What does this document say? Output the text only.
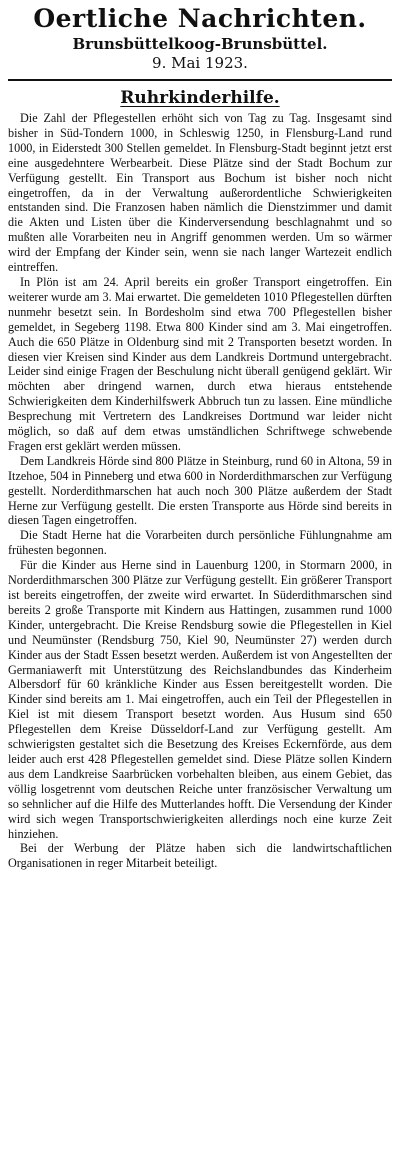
Oertliche Nachrichten.
Brunsbüttelkoog-Brunsbüttel.
9. Mai 1923.
Ruhrkinderhilfe.

Die Zahl der Pflegestellen erhöht sich von Tag zu Tag. Insgesamt sind bisher in Süd-Tondern 1000, in Schleswig 1250, in Flensburg-Land rund 1000, in Eiderstedt 300 Stellen gemeldet. In Flensburg-Stadt beginnt jetzt erst eine ausgedehntere Werbearbeit. Diese Plätze sind der Stadt Bochum zur Verfügung gestellt. Ein Transport aus Bochum ist bisher noch nicht eingetroffen, da in der Verwaltung außerordentliche Schwierigkeiten entstanden sind. Die Franzosen haben nämlich die Dienstzimmer und damit die Akten und Listen über die Kinderversendung beschlagnahmt und so mußten alle Vorarbeiten neu in Angriff genommen werden. Um so wärmer wird der Empfang der Kinder sein, wenn sie nach langer Wartezeit endlich eintreffen.

In Plön ist am 24. April bereits ein großer Transport eingetroffen. Ein weiterer wurde am 3. Mai erwartet. Die gemeldeten 1010 Pflegestellen dürften nunmehr besetzt sein. In Bordesholm sind etwa 700 Pflegestellen bisher gemeldet, in Segeberg 1198. Etwa 800 Kinder sind am 3. Mai eingetroffen. Auch die 650 Plätze in Oldenburg sind mit 2 Transporten besetzt worden. In diesen vier Kreisen sind Kinder aus dem Landkreis Dortmund untergebracht. Leider sind einige Fragen der Beschulung nicht überall genügend geklärt. Wir möchten aber dringend warnen, durch etwa hieraus entstehende Schwierigkeiten dem Kinderhilfswerk Abbruch tun zu lassen. Eine mündliche Besprechung mit Vertretern des Landkreises Dortmund war leider nicht möglich, so daß auf dem etwas umständlichen Schriftwege schwebende Fragen erst geklärt werden müssen.

Dem Landkreis Hörde sind 800 Plätze in Steinburg, rund 60 in Altona, 59 in Itzehoe, 504 in Pinneberg und etwa 600 in Norderdithmarschen zur Verfügung gestellt. Norderdithmarschen hat auch noch 300 Plätze außerdem der Stadt Herne zur Verfügung gestellt. Die ersten Transporte aus Hörde sind bereits in diesen Tagen eingetroffen.

Die Stadt Herne hat die Vorarbeiten durch persönliche Fühlungnahme am frühesten begonnen.

Für die Kinder aus Herne sind in Lauenburg 1200, in Stormarn 2000, in Norderdithmarschen 300 Plätze zur Verfügung gestellt. Ein größerer Transport ist bereits eingetroffen, der zweite wird erwartet. In Süderdithmarschen sind bereits 2 große Transporte mit Kindern aus Hattingen, zusammen rund 1000 Kinder, untergebracht. Die Kreise Rendsburg sowie die Pflegestellen in Kiel und Neumünster (Rendsburg 750, Kiel 90, Neumünster 27) werden durch Kinder aus der Stadt Essen besetzt werden. Außerdem ist von Angestellten der Germaniawerft mit Unterstützung des Reichslandbundes das Kinderheim Albersdorf für 60 kränkliche Kinder aus Essen bereitgestellt worden. Die Kinder sind bereits am 1. Mai eingetroffen, auch ein Teil der Pflegestellen in Kiel ist mit diesem Transport besetzt worden. Aus Husum sind 650 Pflegestellen dem Kreise Düsseldorf-Land zur Verfügung gestellt. Am schwierigsten gestaltet sich die Besetzung des Kreises Eckernförde, aus dem leider auch erst 428 Pflegestellen gemeldet sind. Diese Plätze sollen Kindern aus dem Landkreise Saarbrücken vorbehalten bleiben, aus einem Gebiet, das völlig losgetrennt vom deutschen Reiche unter französischer Verwaltung um so sehnlicher auf die Hilfe des Mutterlandes hofft. Die Versendung der Kinder wird sich wegen Transportschwierigkeiten allerdings noch eine kurze Zeit hinziehen.

Bei der Werbung der Plätze haben sich die landwirtschaftlichen Organisationen in reger Mitarbeit beteiligt.
